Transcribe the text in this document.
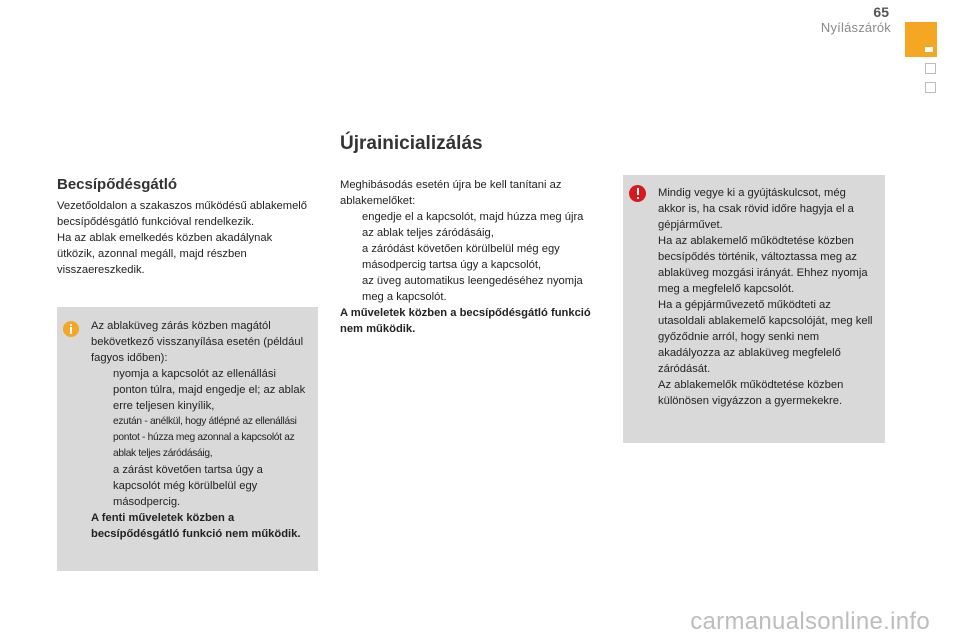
65
Nyílászárók
Újrainicializálás
Becsípődésgátló

Vezetőoldalon a szakaszos működésű ablakemelő becsípődésgátló funkcióval rendelkezik.

Ha az ablak emelkedés közben akadálynak ütközik, azonnal megáll, majd részben visszaereszkedik.

Az ablaküveg zárás közben magától bekövetkező visszanyílása esetén (például fagyos időben):

nyomja a kapcsolót az ellenállási ponton túlra, majd engedje el; az ablak erre teljesen kinyílik,
ezután - anélkül, hogy átlépné az ellenállási pontot - húzza meg azonnal a kapcsolót az ablak teljes záródásáig,
a zárást követően tartsa úgy a kapcsolót még körülbelül egy másodpercig.

A fenti műveletek közben a becsípődésgátló funkció nem működik.

Meghibásodás esetén újra be kell tanítani az ablakemelőket:

engedje el a kapcsolót, majd húzza meg újra az ablak teljes záródásáig,
a záródást követően körülbelül még egy másodpercig tartsa úgy a kapcsolót,
az üveg automatikus leengedéséhez nyomja meg a kapcsolót.

A műveletek közben a becsípődésgátló funkció nem működik.

Mindig vegye ki a gyújtáskulcsot, még akkor is, ha csak rövid időre hagyja el a gépjárművet.

Ha az ablakemelő működtetése közben becsípődés történik, változtassa meg az ablaküveg mozgási irányát. Ehhez nyomja meg a megfelelő kapcsolót.

Ha a gépjárművezető működteti az utasoldali ablakemelő kapcsolóját, meg kell győződnie arról, hogy senki nem akadályozza az ablaküveg megfelelő záródását.

Az ablakemelők működtetése közben különösen vigyázzon a gyermekekre.

carmanualsonline.info
